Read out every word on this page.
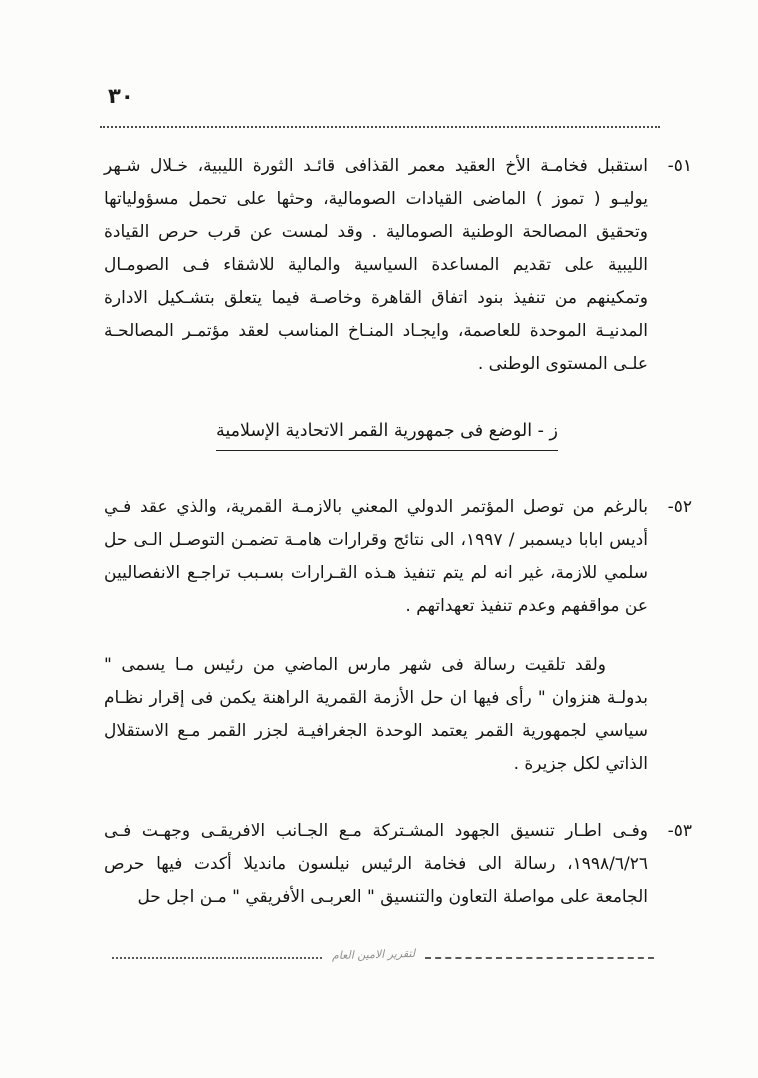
٣٠
٥١-
استقبل فخامـة الأخ العقيد معمر القذافى قائـد الثورة الليبية، خـلال شـهر يوليـو ( تموز ) الماضى القيادات الصومالية، وحثها على تحمل مسؤولياتها وتحقيق المصالحة الوطنية الصومالية . وقد لمست عن قرب حرص القيادة الليبية على تقديم المساعدة السياسية والمالية للاشقاء فـى الصومـال وتمكينهم من تنفيذ بنود اتفاق القاهرة وخاصـة فيما يتعلق بتشـكيل الادارة المدنيـة الموحدة للعاصمة، وايجـاد المنـاخ المناسب لعقد مؤتمـر المصالحـة علـى المستوى الوطنى .
ز - الوضع فى جمهورية القمر الاتحادية الإسلامية
٥٢-
بالرغم من توصل المؤتمر الدولي المعني بالازمـة القمرية، والذي عقد فـي أديس ابابا ديسمبر / ١٩٩٧، الى نتائج وقرارات هامـة تضمـن التوصـل الـى حل سلمي للازمة، غير انه لم يتم تنفيذ هـذه القـرارات بسـبب تراجـع الانفصاليين عن مواقفهم وعدم تنفيذ تعهداتهم .
ولقد تلقيت رسالة فى شهر مارس الماضي من رئيس مـا يسمى " بدولـة هنزوان " رأى فيها ان حل الأزمة القمرية الراهنة يكمن فى إقرار نظـام سياسي لجمهورية القمر يعتمد الوحدة الجغرافيـة لجزر القمر مـع الاستقلال الذاتي لكل جزيرة .
٥٣-
وفـى اطـار تنسيق الجهود المشـتركة مـع الجـانب الافريقـى وجهـت فـى ١٩٩٨/٦/٢٦، رسالة الى فخامة الرئيس نيلسون مانديلا أكدت فيها حرص الجامعة على مواصلة التعاون والتنسيق " العربـى الأفريقي " مـن اجل حل
لتقرير الامين العام
